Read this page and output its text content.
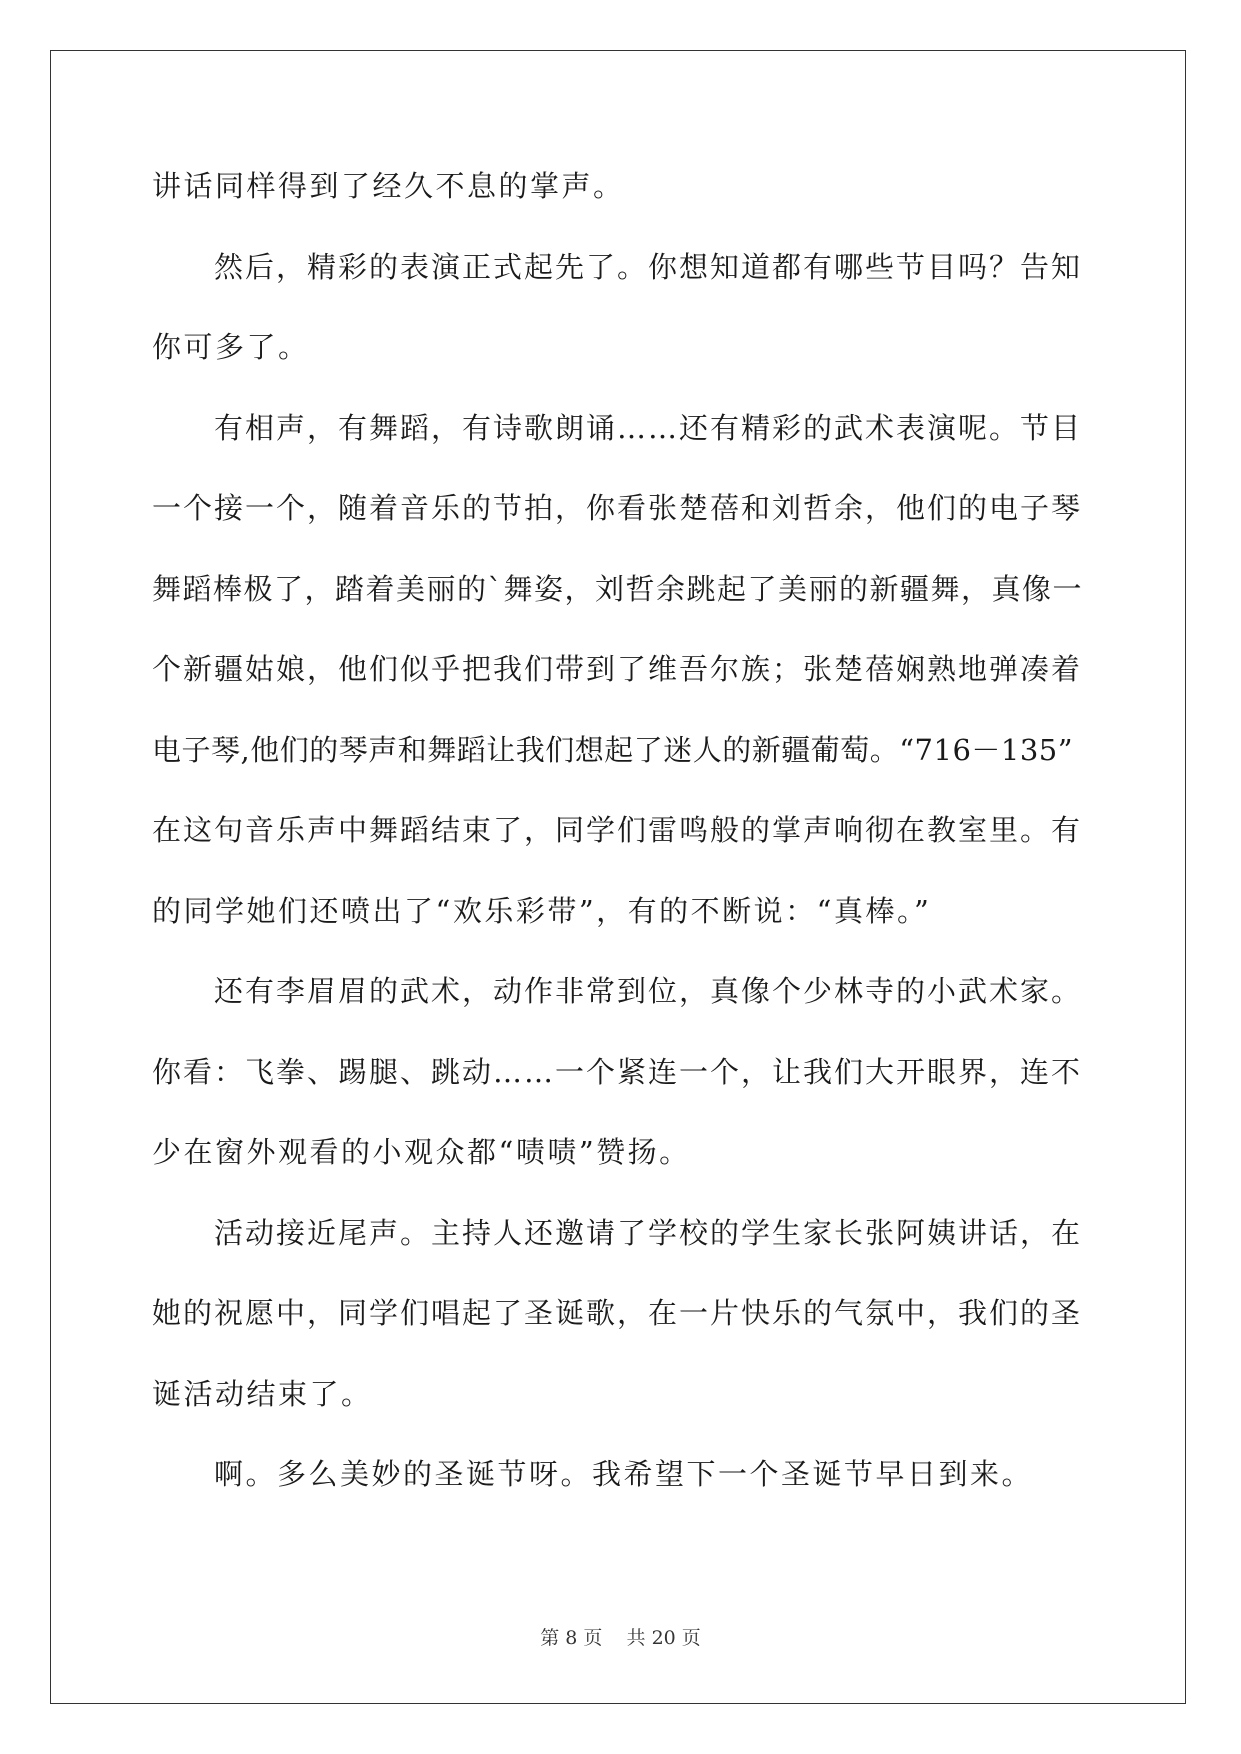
讲话同样得到了经久不息的掌声。
然后，精彩的表演正式起先了。你想知道都有哪些节目吗？告知
你可多了。
有相声，有舞蹈，有诗歌朗诵……还有精彩的武术表演呢。节目
一个接一个，随着音乐的节拍，你看张楚蓓和刘哲余，他们的电子琴
舞蹈棒极了，踏着美丽的`舞姿，刘哲余跳起了美丽的新疆舞，真像一
个新疆姑娘，他们似乎把我们带到了维吾尔族；张楚蓓娴熟地弹凑着
电子琴,他们的琴声和舞蹈让我们想起了迷人的新疆葡萄。“716－135”
在这句音乐声中舞蹈结束了，同学们雷鸣般的掌声响彻在教室里。有
的同学她们还喷出了“欢乐彩带”，有的不断说：“真棒。”
还有李眉眉的武术，动作非常到位，真像个少林寺的小武术家。
你看：飞拳、踢腿、跳动……一个紧连一个，让我们大开眼界，连不
少在窗外观看的小观众都“啧啧”赞扬。
活动接近尾声。主持人还邀请了学校的学生家长张阿姨讲话，在
她的祝愿中，同学们唱起了圣诞歌，在一片快乐的气氛中，我们的圣
诞活动结束了。
啊。多么美妙的圣诞节呀。我希望下一个圣诞节早日到来。
第 8 页    共 20 页
